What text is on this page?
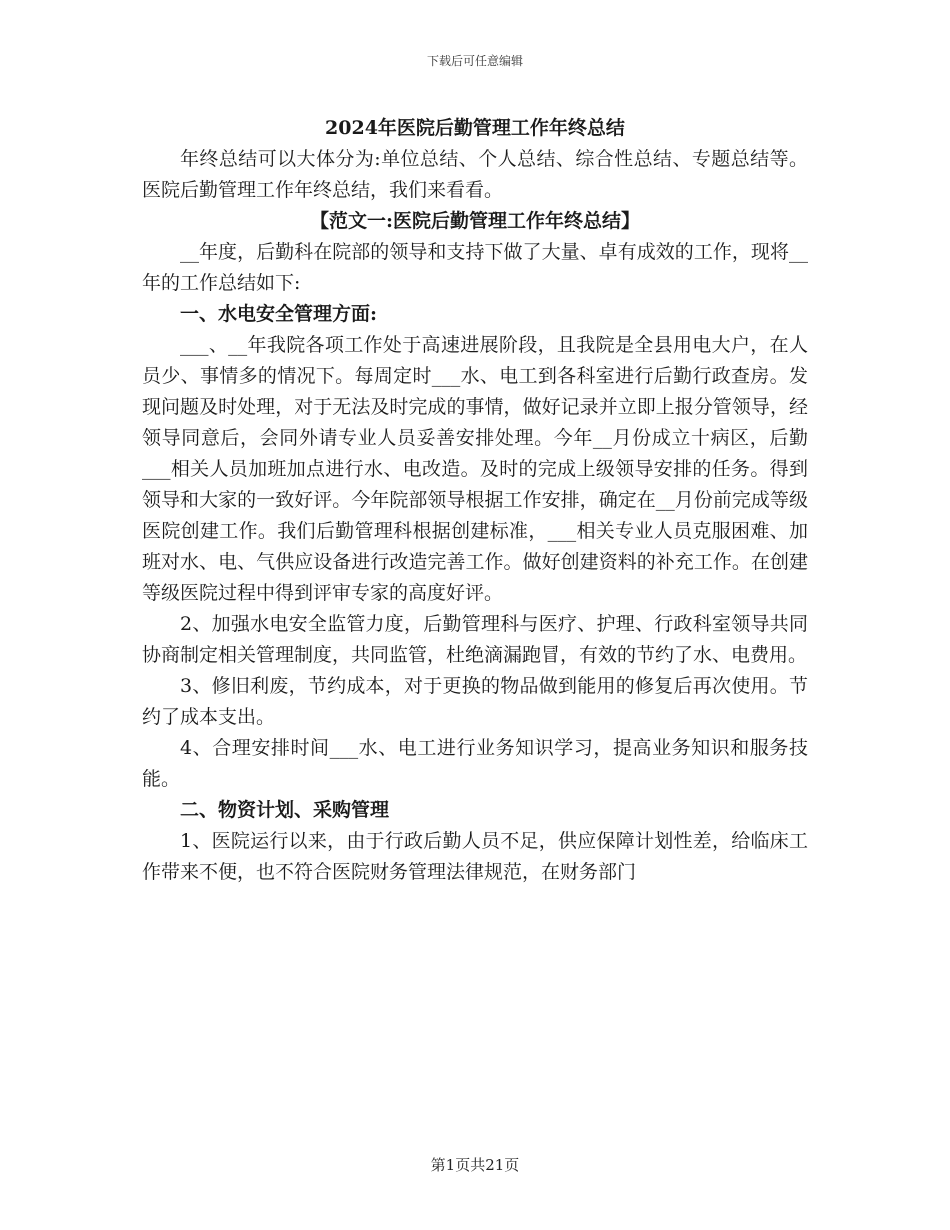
下载后可任意编辑
2024年医院后勤管理工作年终总结

年终总结可以大体分为:单位总结、个人总结、综合性总结、专题总结等。医院后勤管理工作年终总结，我们来看看。

【范文一:医院后勤管理工作年终总结】

__年度，后勤科在院部的领导和支持下做了大量、卓有成效的工作，现将__年的工作总结如下:

一、水电安全管理方面:

___、__年我院各项工作处于高速进展阶段，且我院是全县用电大户，在人员少、事情多的情况下。每周定时___水、电工到各科室进行后勤行政查房。发现问题及时处理，对于无法及时完成的事情，做好记录并立即上报分管领导，经领导同意后，会同外请专业人员妥善安排处理。今年__月份成立十病区，后勤___相关人员加班加点进行水、电改造。及时的完成上级领导安排的任务。得到领导和大家的一致好评。今年院部领导根据工作安排，确定在__月份前完成等级医院创建工作。我们后勤管理科根据创建标准，___相关专业人员克服困难、加班对水、电、气供应设备进行改造完善工作。做好创建资料的补充工作。在创建等级医院过程中得到评审专家的高度好评。

2、加强水电安全监管力度，后勤管理科与医疗、护理、行政科室领导共同协商制定相关管理制度，共同监管，杜绝滴漏跑冒，有效的节约了水、电费用。

3、修旧利废，节约成本，对于更换的物品做到能用的修复后再次使用。节约了成本支出。

4、合理安排时间___水、电工进行业务知识学习，提高业务知识和服务技能。

二、物资计划、采购管理

1、医院运行以来，由于行政后勤人员不足，供应保障计划性差，给临床工作带来不便，也不符合医院财务管理法律规范，在财务部门

第1页共21页
